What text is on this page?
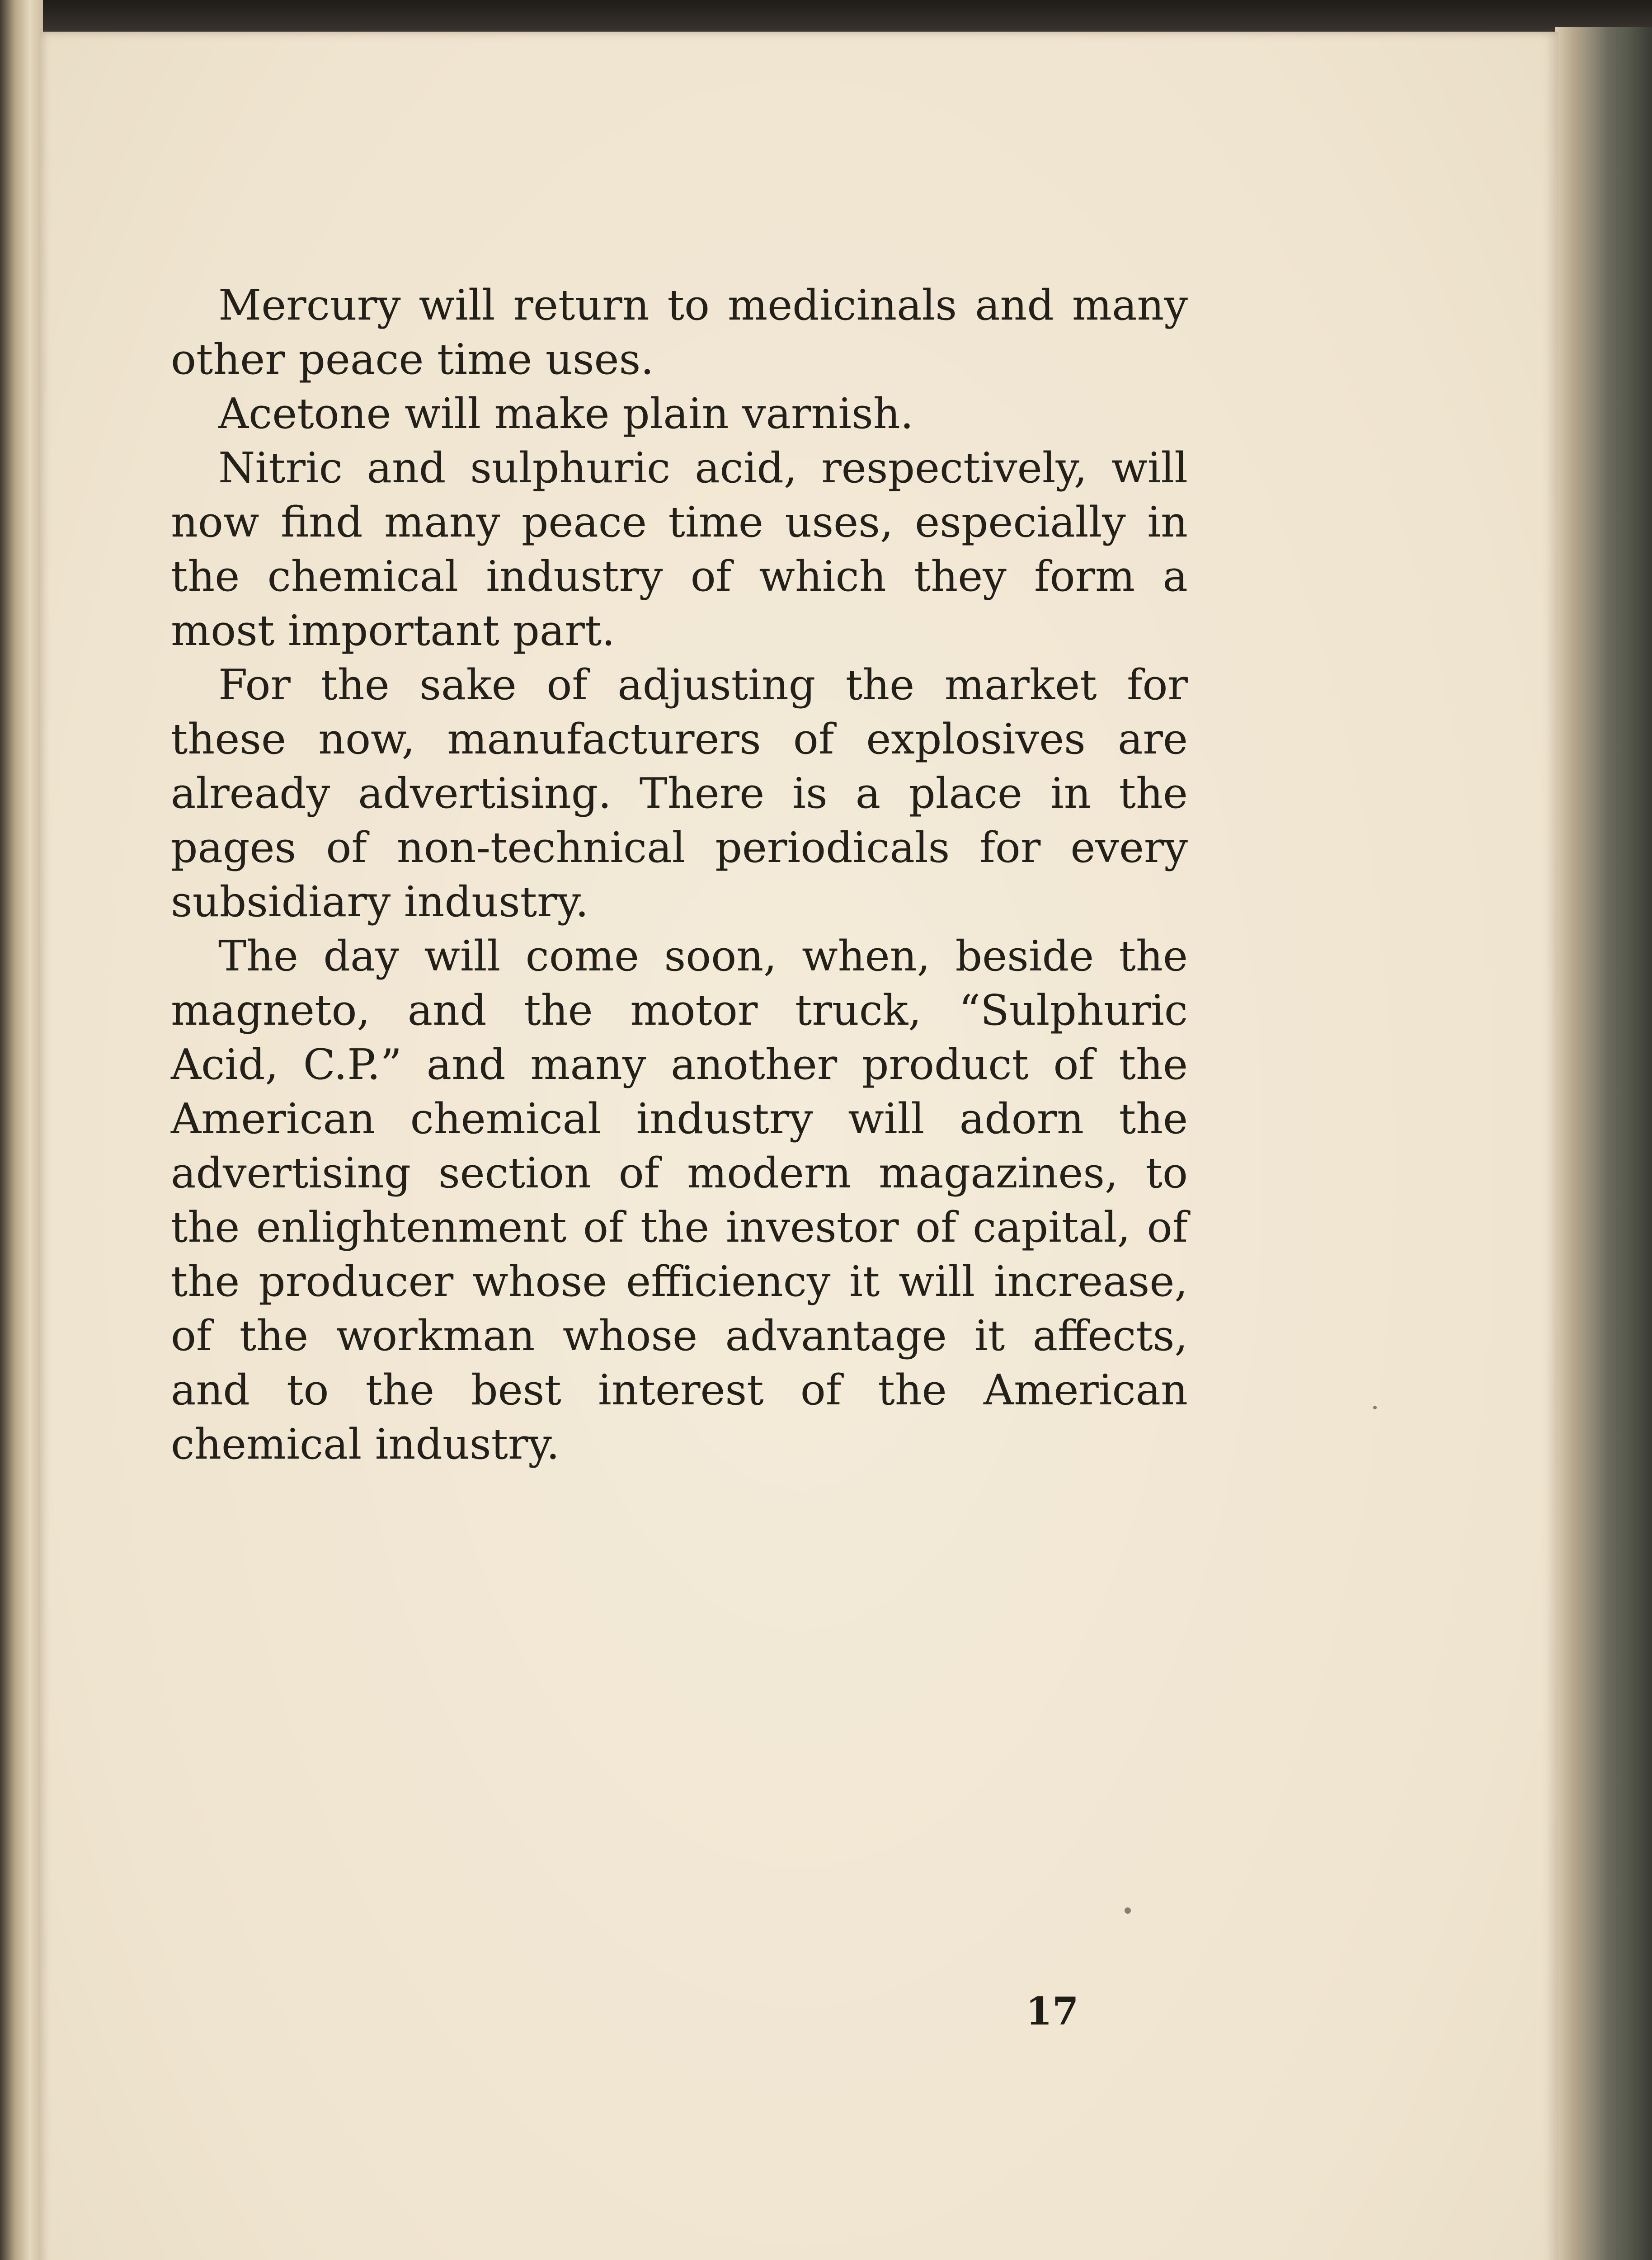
Mercury will return to medicinals and many other peace time uses.

Acetone will make plain varnish.

Nitric and sulphuric acid, respectively, will now find many peace time uses, especially in the chemical industry of which they form a most important part.

For the sake of adjusting the market for these now, manufacturers of explosives are already advertising. There is a place in the pages of non-technical periodicals for every subsidiary industry.

The day will come soon, when, beside the magneto, and the motor truck, “Sulphuric Acid, C.P.” and many another product of the American chemical industry will adorn the advertising section of modern magazines, to the enlightenment of the investor of capital, of the producer whose efficiency it will increase, of the workman whose advantage it affects, and to the best interest of the American chemical industry.

17
